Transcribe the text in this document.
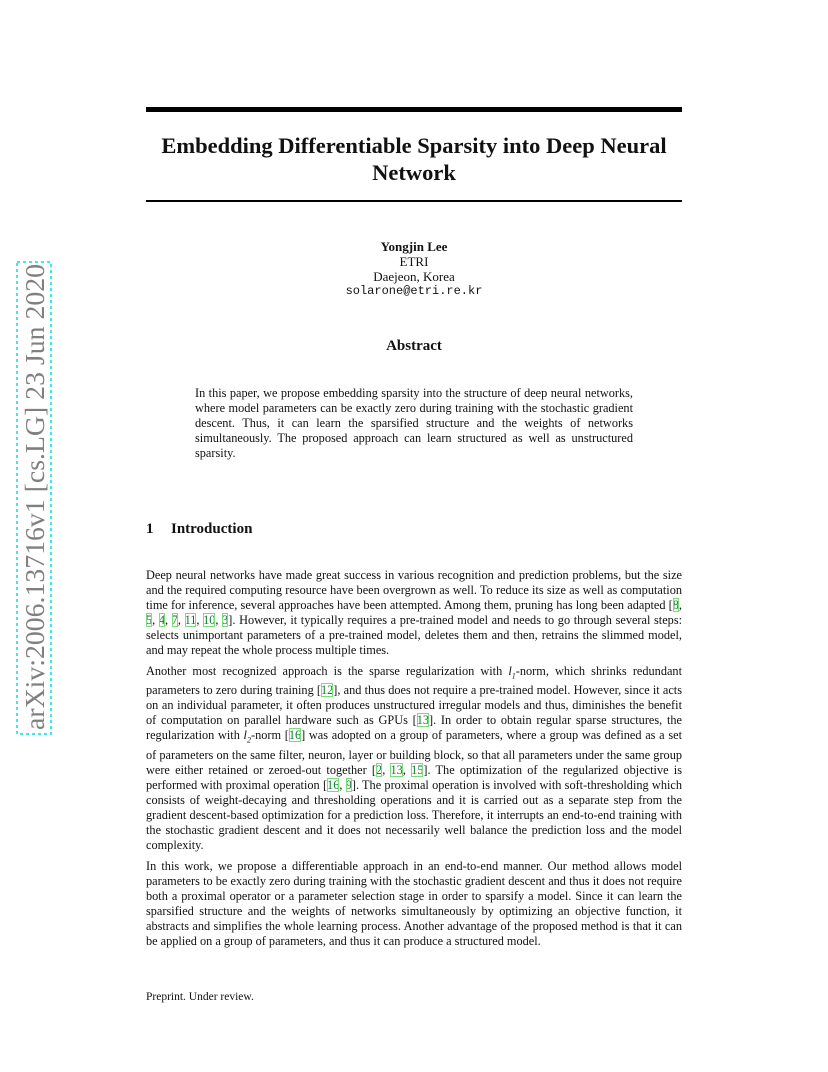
arXiv:2006.13716v1 [cs.LG] 23 Jun 2020
Embedding Differentiable Sparsity into Deep Neural
Network
Yongjin Lee
ETRI
Daejeon, Korea
solarone@etri.re.kr
Abstract
In this paper, we propose embedding sparsity into the structure of deep neural networks, where model parameters can be exactly zero during training with the stochastic gradient descent. Thus, it can learn the sparsified structure and the weights of networks simultaneously. The proposed approach can learn structured as well as unstructured sparsity.
1 Introduction

Deep neural networks have made great success in various recognition and prediction problems, but the size and the required computing resource have been overgrown as well. To reduce its size as well as computation time for inference, several approaches have been attempted. Among them, pruning has long been adapted [8, 5, 4, 7, 11, 10, 3]. However, it typically requires a pre-trained model and needs to go through several steps: selects unimportant parameters of a pre-trained model, deletes them and then, retrains the slimmed model, and may repeat the whole process multiple times.

Another most recognized approach is the sparse regularization with $l_1$-norm, which shrinks redundant parameters to zero during training [12], and thus does not require a pre-trained model. However, since it acts on an individual parameter, it often produces unstructured irregular models and thus, diminishes the benefit of computation on parallel hardware such as GPUs [13]. In order to obtain regular sparse structures, the regularization with $l_2$-norm [16] was adopted on a group of parameters, where a group was defined as a set of parameters on the same filter, neuron, layer or building block, so that all parameters under the same group were either retained or zeroed-out together [2, 13, 15]. The optimization of the regularized objective is performed with proximal operation [16, 9]. The proximal operation is involved with soft-thresholding which consists of weight-decaying and thresholding operations and it is carried out as a separate step from the gradient descent-based optimization for a prediction loss. Therefore, it interrupts an end-to-end training with the stochastic gradient descent and it does not necessarily well balance the prediction loss and the model complexity.

In this work, we propose a differentiable approach in an end-to-end manner. Our method allows model parameters to be exactly zero during training with the stochastic gradient descent and thus it does not require both a proximal operator or a parameter selection stage in order to sparsify a model. Since it can learn the sparsified structure and the weights of networks simultaneously by optimizing an objective function, it abstracts and simplifies the whole learning process. Another advantage of the proposed method is that it can be applied on a group of parameters, and thus it can produce a structured model.

Preprint. Under review.
